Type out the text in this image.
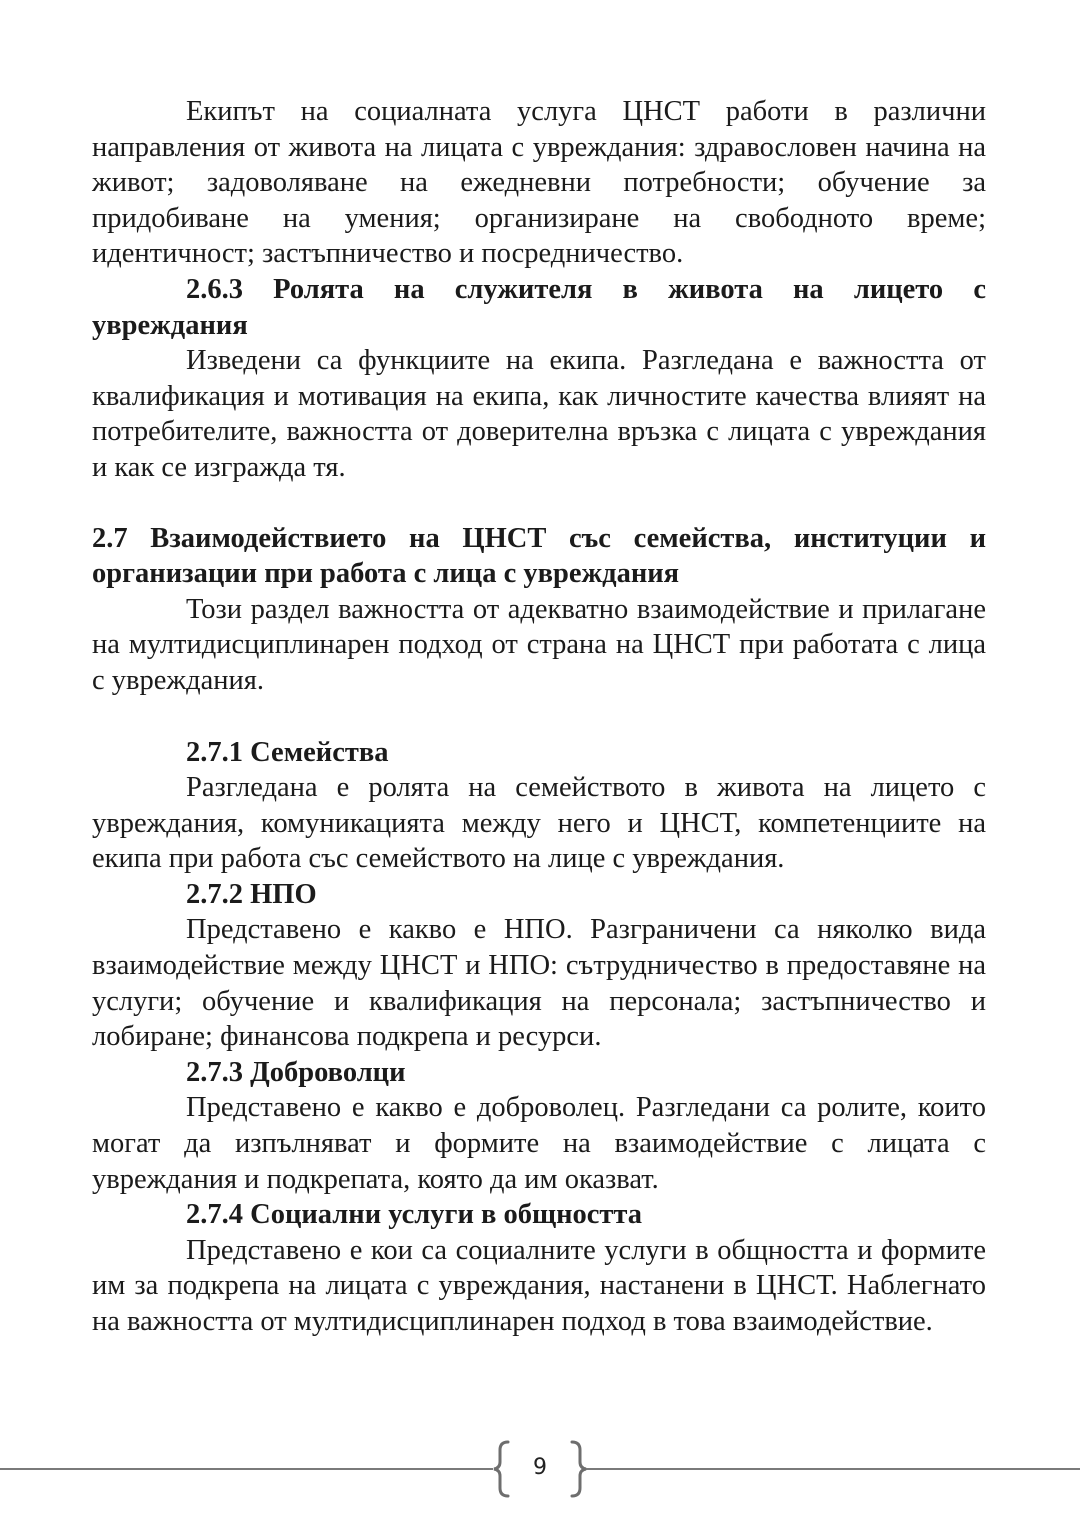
Екипът на социалната услуга ЦНСТ работи в различни направления от живота на лицата с увреждания: здравословен начина на живот; задоволяване на ежедневни потребности; обучение за придобиване на умения; организиране на свободното време; идентичност; застъпничество и посредничество.

2.6.3 Ролята на служителя в живота на лицето с

увреждания

Изведени са функциите на екипа. Разгледана е важността от квалификация и мотивация на екипа, как личностите качества влияят на потребителите, важността от доверителна връзка с лицата с увреждания и как се изгражда тя.

2.7 Взаимодействието на ЦНСТ със семейства, институции и организации при работа с лица с увреждания

Този раздел важността от адекватно взаимодействие и прилагане на мултидисциплинарен подход от страна на ЦНСТ при работата с лица с увреждания.

2.7.1 Семейства

Разгледана е ролята на семейството в живота на лицето с увреждания, комуникацията между него и ЦНСТ, компетенциите на екипа при работа със семейството на лице с увреждания.

2.7.2 НПО

Представено е какво е НПО. Разграничени са няколко вида взаимодействие между ЦНСТ и НПО: сътрудничество в предоставяне на услуги; обучение и квалификация на персонала; застъпничество и лобиране; финансова подкрепа и ресурси.

2.7.3 Доброволци

Представено е какво е доброволец. Разгледани са ролите, които могат да изпълняват и формите на взаимодействие с лицата с увреждания и подкрепата, която да им оказват.

2.7.4 Социални услуги в общността

Представено е кои са социалните услуги в общността и формите им за подкрепа на лицата с увреждания, настанени в ЦНСТ. Наблегнато на важността от мултидисциплинарен подход в това взаимодействие.

9
